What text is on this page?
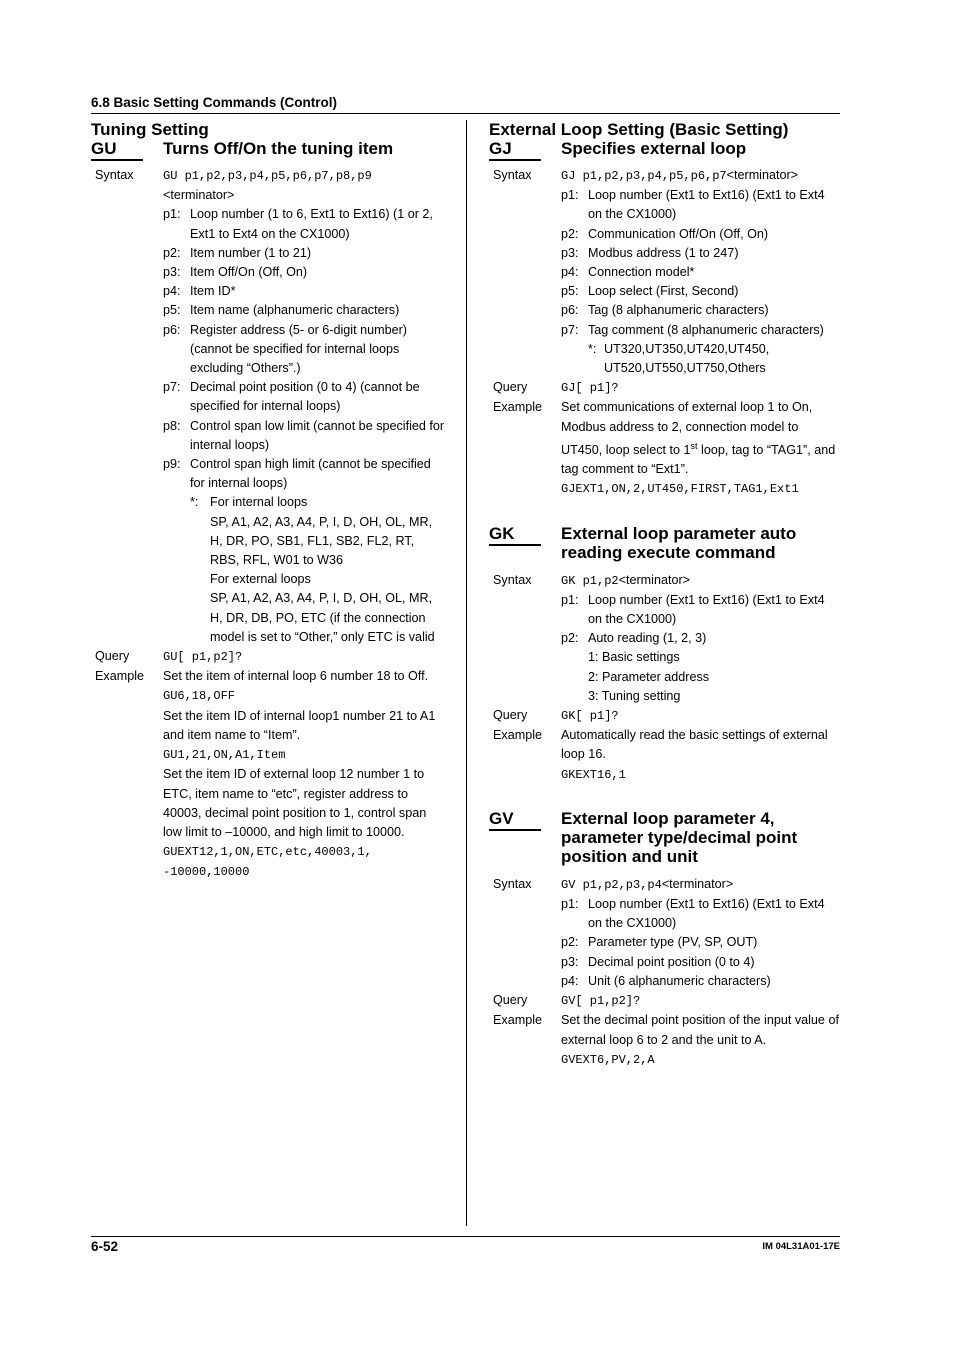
6.8 Basic Setting Commands (Control)
Tuning Setting
GU	Turns Off/On the tuning item
Syntax GU p1,p2,p3,p4,p5,p6,p7,p8,p9
<terminator>
p1: Loop number (1 to 6, Ext1 to Ext16) (1 or 2, Ext1 to Ext4 on the CX1000)
p2: Item number (1 to 21)
p3: Item Off/On (Off, On)
p4: Item ID*
p5: Item name (alphanumeric characters)
p6: Register address (5- or 6-digit number) (cannot be specified for internal loops excluding “Others”.)
p7: Decimal point position (0 to 4) (cannot be specified for internal loops)
p8: Control span low limit (cannot be specified for internal loops)
p9: Control span high limit (cannot be specified for internal loops)
*: For internal loops
SP, A1, A2, A3, A4, P, I, D, OH, OL, MR, H, DR, PO, SB1, FL1, SB2, FL2, RT, RBS, RFL, W01 to W36
For external loops
SP, A1, A2, A3, A4, P, I, D, OH, OL, MR, H, DR, DB, PO, ETC (if the connection model is set to “Other,” only ETC is valid
Query	GU[ p1,p2]?
Example Set the item of internal loop 6 number 18 to Off.
GU6,18,OFF
Set the item ID of internal loop1 number 21 to A1 and item name to “Item”.
GU1,21,ON,A1,Item
Set the item ID of external loop 12 number 1 to ETC, item name to “etc”, register address to 40003, decimal point position to 1, control span low limit to –10000, and high limit to 10000.
GUEXT12,1,ON,ETC,etc,40003,1,
-10000,10000
External Loop Setting (Basic Setting)
GJ	Specifies external loop
Syntax GJ p1,p2,p3,p4,p5,p6,p7<terminator>
p1: Loop number (Ext1 to Ext16) (Ext1 to Ext4 on the CX1000)
p2: Communication Off/On (Off, On)
p3: Modbus address (1 to 247)
p4: Connection model*
p5: Loop select (First, Second)
p6: Tag (8 alphanumeric characters)
p7: Tag comment (8 alphanumeric characters)
*: UT320,UT350,UT420,UT450, UT520,UT550,UT750,Others
Query	GJ[ p1]?
Example Set communications of external loop 1 to On, Modbus address to 2, connection model to UT450, loop select to 1st loop, tag to “TAG1”, and tag comment to “Ext1”.
GJEXT1,ON,2,UT450,FIRST,TAG1,Ext1
GK	External loop parameter auto reading execute command
Syntax GK p1,p2<terminator>
p1: Loop number (Ext1 to Ext16) (Ext1 to Ext4 on the CX1000)
p2: Auto reading (1, 2, 3)
1: Basic settings
2: Parameter address
3: Tuning setting
Query	GK[ p1]?
Example Automatically read the basic settings of external loop 16.
GKEXT16,1
GV	External loop parameter 4, parameter type/decimal point position and unit
Syntax GV p1,p2,p3,p4<terminator>
p1: Loop number (Ext1 to Ext16) (Ext1 to Ext4 on the CX1000)
p2: Parameter type (PV, SP, OUT)
p3: Decimal point position (0 to 4)
p4: Unit (6 alphanumeric characters)
Query	GV[ p1,p2]?
Example Set the decimal point position of the input value of external loop 6 to 2 and the unit to A.
GVEXT6,PV,2,A
6-52	IM 04L31A01-17E
